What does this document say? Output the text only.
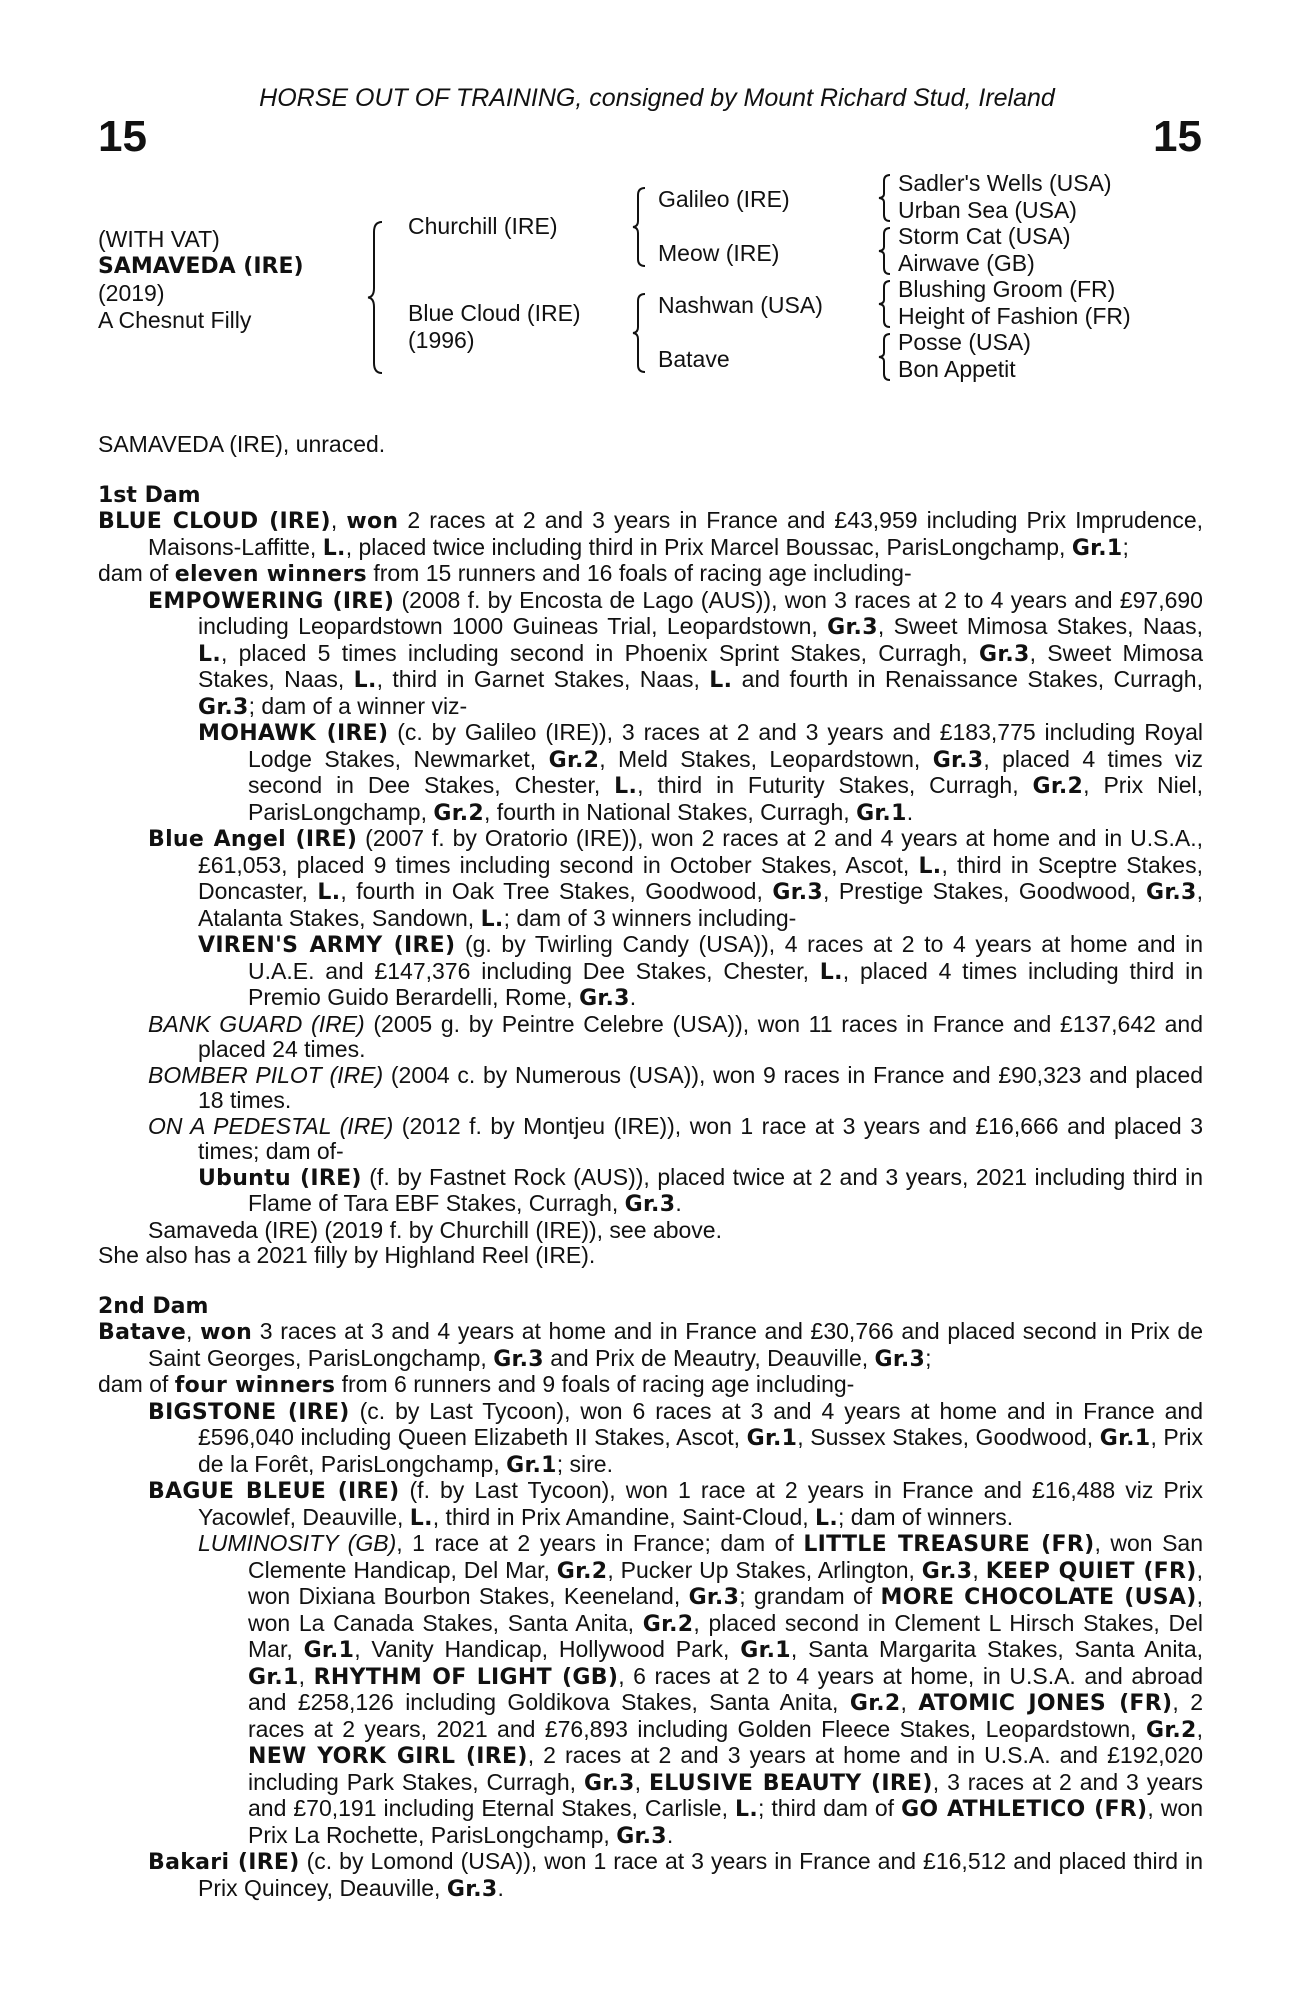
HORSE OUT OF TRAINING, consigned by Mount Richard Stud, Ireland
15	15
(WITH VAT)
SAMAVEDA (IRE)
(2019)
A Chesnut Filly
Churchill (IRE)
Blue Cloud (IRE)
(1996)
Galileo (IRE)
Meow (IRE)
Nashwan (USA)
Batave
Sadler's Wells (USA)
Urban Sea (USA)
Storm Cat (USA)
Airwave (GB)
Blushing Groom (FR)
Height of Fashion (FR)
Posse (USA)
Bon Appetit
SAMAVEDA (IRE), unraced.
1st Dam
BLUE CLOUD (IRE), won 2 races at 2 and 3 years in France and £43,959 including Prix Imprudence, Maisons-Laffitte, L., placed twice including third in Prix Marcel Boussac, ParisLongchamp, Gr.1;
dam of eleven winners from 15 runners and 16 foals of racing age including-
EMPOWERING (IRE) (2008 f. by Encosta de Lago (AUS)), won 3 races at 2 to 4 years and £97,690 including Leopardstown 1000 Guineas Trial, Leopardstown, Gr.3, Sweet Mimosa Stakes, Naas, L., placed 5 times including second in Phoenix Sprint Stakes, Curragh, Gr.3, Sweet Mimosa Stakes, Naas, L., third in Garnet Stakes, Naas, L. and fourth in Renaissance Stakes, Curragh, Gr.3; dam of a winner viz-
MOHAWK (IRE) (c. by Galileo (IRE)), 3 races at 2 and 3 years and £183,775 including Royal Lodge Stakes, Newmarket, Gr.2, Meld Stakes, Leopardstown, Gr.3, placed 4 times viz second in Dee Stakes, Chester, L., third in Futurity Stakes, Curragh, Gr.2, Prix Niel, ParisLongchamp, Gr.2, fourth in National Stakes, Curragh, Gr.1.
Blue Angel (IRE) (2007 f. by Oratorio (IRE)), won 2 races at 2 and 4 years at home and in U.S.A., £61,053, placed 9 times including second in October Stakes, Ascot, L., third in Sceptre Stakes, Doncaster, L., fourth in Oak Tree Stakes, Goodwood, Gr.3, Prestige Stakes, Goodwood, Gr.3, Atalanta Stakes, Sandown, L.; dam of 3 winners including-
VIREN'S ARMY (IRE) (g. by Twirling Candy (USA)), 4 races at 2 to 4 years at home and in U.A.E. and £147,376 including Dee Stakes, Chester, L., placed 4 times including third in Premio Guido Berardelli, Rome, Gr.3.
BANK GUARD (IRE) (2005 g. by Peintre Celebre (USA)), won 11 races in France and £137,642 and placed 24 times.
BOMBER PILOT (IRE) (2004 c. by Numerous (USA)), won 9 races in France and £90,323 and placed 18 times.
ON A PEDESTAL (IRE) (2012 f. by Montjeu (IRE)), won 1 race at 3 years and £16,666 and placed 3 times; dam of-
Ubuntu (IRE) (f. by Fastnet Rock (AUS)), placed twice at 2 and 3 years, 2021 including third in Flame of Tara EBF Stakes, Curragh, Gr.3.
Samaveda (IRE) (2019 f. by Churchill (IRE)), see above.
She also has a 2021 filly by Highland Reel (IRE).
2nd Dam
Batave, won 3 races at 3 and 4 years at home and in France and £30,766 and placed second in Prix de Saint Georges, ParisLongchamp, Gr.3 and Prix de Meautry, Deauville, Gr.3;
dam of four winners from 6 runners and 9 foals of racing age including-
BIGSTONE (IRE) (c. by Last Tycoon), won 6 races at 3 and 4 years at home and in France and £596,040 including Queen Elizabeth II Stakes, Ascot, Gr.1, Sussex Stakes, Goodwood, Gr.1, Prix de la Forêt, ParisLongchamp, Gr.1; sire.
BAGUE BLEUE (IRE) (f. by Last Tycoon), won 1 race at 2 years in France and £16,488 viz Prix Yacowlef, Deauville, L., third in Prix Amandine, Saint-Cloud, L.; dam of winners.
LUMINOSITY (GB), 1 race at 2 years in France; dam of LITTLE TREASURE (FR), won San Clemente Handicap, Del Mar, Gr.2, Pucker Up Stakes, Arlington, Gr.3, KEEP QUIET (FR), won Dixiana Bourbon Stakes, Keeneland, Gr.3; grandam of MORE CHOCOLATE (USA), won La Canada Stakes, Santa Anita, Gr.2, placed second in Clement L Hirsch Stakes, Del Mar, Gr.1, Vanity Handicap, Hollywood Park, Gr.1, Santa Margarita Stakes, Santa Anita, Gr.1, RHYTHM OF LIGHT (GB), 6 races at 2 to 4 years at home, in U.S.A. and abroad and £258,126 including Goldikova Stakes, Santa Anita, Gr.2, ATOMIC JONES (FR), 2 races at 2 years, 2021 and £76,893 including Golden Fleece Stakes, Leopardstown, Gr.2, NEW YORK GIRL (IRE), 2 races at 2 and 3 years at home and in U.S.A. and £192,020 including Park Stakes, Curragh, Gr.3, ELUSIVE BEAUTY (IRE), 3 races at 2 and 3 years and £70,191 including Eternal Stakes, Carlisle, L.; third dam of GO ATHLETICO (FR), won Prix La Rochette, ParisLongchamp, Gr.3.
Bakari (IRE) (c. by Lomond (USA)), won 1 race at 3 years in France and £16,512 and placed third in Prix Quincey, Deauville, Gr.3.
